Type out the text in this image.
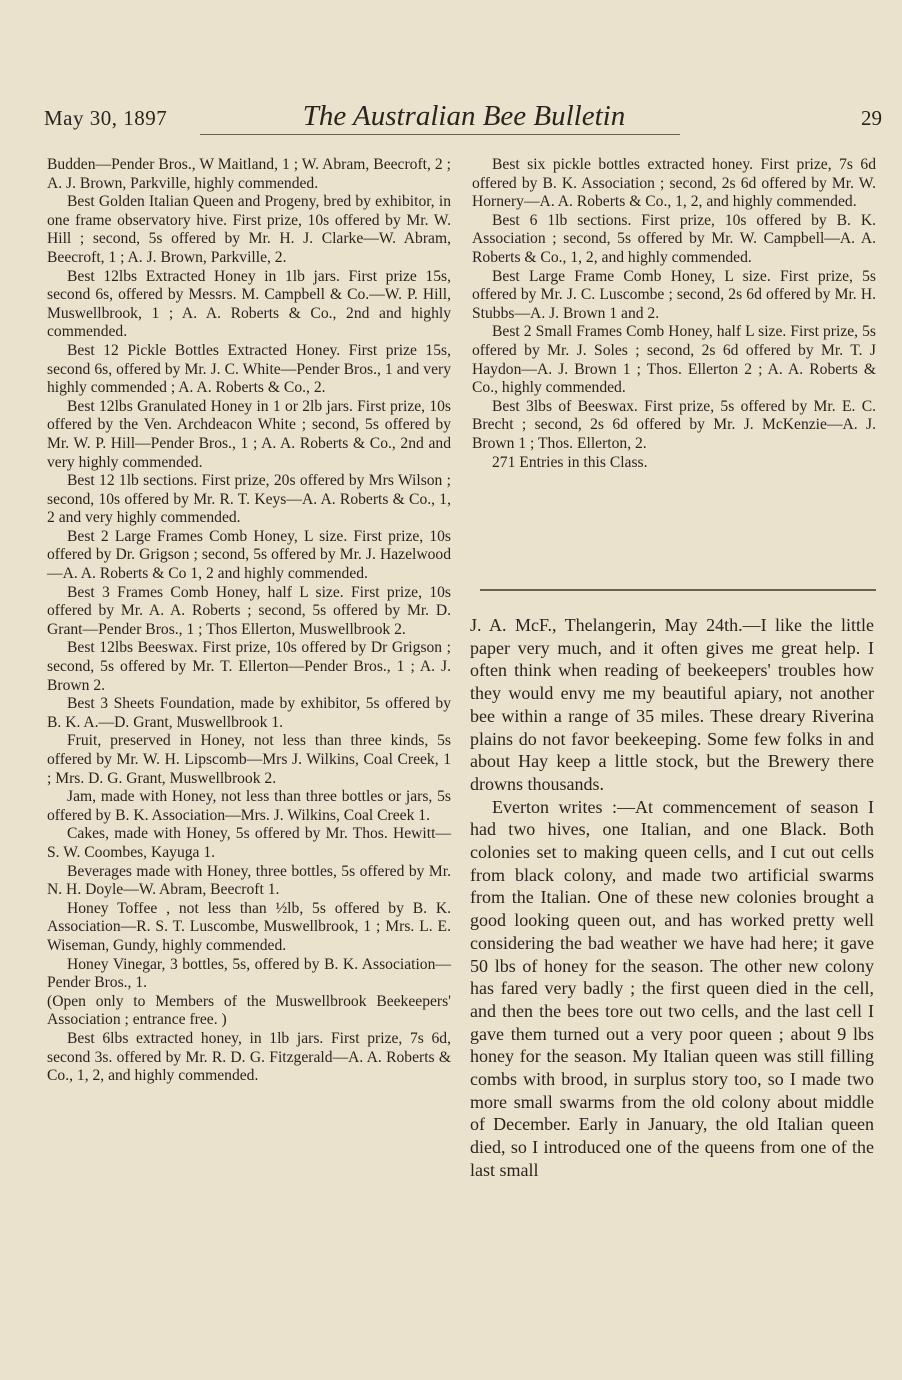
May 30, 1897	The Australian Bee Bulletin	29

Budden—Pender Bros., W Maitland, 1 ; W. Abram, Beecroft, 2 ; A. J. Brown, Parkville, highly commended.

Best Golden Italian Queen and Progeny, bred by exhibitor, in one frame observatory hive. First prize, 10s offered by Mr. W. Hill ; second, 5s offered by Mr. H. J. Clarke—W. Abram, Beecroft, 1 ; A. J. Brown, Parkville, 2.

Best 12lbs Extracted Honey in 1lb jars. First prize 15s, second 6s, offered by Messrs. M. Campbell & Co.—W. P. Hill, Muswellbrook, 1 ; A. A. Roberts & Co., 2nd and highly commended.

Best 12 Pickle Bottles Extracted Honey. First prize 15s, second 6s, offered by Mr. J. C. White—Pender Bros., 1 and very highly commended ; A. A. Roberts & Co., 2.

Best 12lbs Granulated Honey in 1 or 2lb jars. First prize, 10s offered by the Ven. Archdeacon White ; second, 5s offered by Mr. W. P. Hill—Pender Bros., 1 ; A. A. Roberts & Co., 2nd and very highly commended.

Best 12 1lb sections. First prize, 20s offered by Mrs Wilson ; second, 10s offered by Mr. R. T. Keys—A. A. Roberts & Co., 1, 2 and very highly commended.

Best 2 Large Frames Comb Honey, L size. First prize, 10s offered by Dr. Grigson ; second, 5s offered by Mr. J. Hazelwood—A. A. Roberts & Co 1, 2 and highly commended.

Best 3 Frames Comb Honey, half L size. First prize, 10s offered by Mr. A. A. Roberts ; second, 5s offered by Mr. D. Grant—Pender Bros., 1 ; Thos Ellerton, Muswellbrook 2.

Best 12lbs Beeswax. First prize, 10s offered by Dr Grigson ; second, 5s offered by Mr. T. Ellerton—Pender Bros., 1 ; A. J. Brown 2.

Best 3 Sheets Foundation, made by exhibitor, 5s offered by B. K. A.—D. Grant, Muswellbrook 1.

Fruit, preserved in Honey, not less than three kinds, 5s offered by Mr. W. H. Lipscomb—Mrs J. Wilkins, Coal Creek, 1 ; Mrs. D. G. Grant, Muswellbrook 2.

Jam, made with Honey, not less than three bottles or jars, 5s offered by B. K. Association—Mrs. J. Wilkins, Coal Creek 1.

Cakes, made with Honey, 5s offered by Mr. Thos. Hewitt—S. W. Coombes, Kayuga 1.

Beverages made with Honey, three bottles, 5s offered by Mr. N. H. Doyle—W. Abram, Beecroft 1.

Honey Toffee , not less than ½lb, 5s offered by B. K. Association—R. S. T. Luscombe, Muswellbrook, 1 ; Mrs. L. E. Wiseman, Gundy, highly commended.

Honey Vinegar, 3 bottles, 5s, offered by B. K. Association—Pender Bros., 1.

(Open only to Members of the Muswellbrook Beekeepers' Association ; entrance free. )

Best 6lbs extracted honey, in 1lb jars. First prize, 7s 6d, second 3s. offered by Mr. R. D. G. Fitzgerald—A. A. Roberts & Co., 1, 2, and highly commended.

Best six pickle bottles extracted honey. First prize, 7s 6d offered by B. K. Association ; second, 2s 6d offered by Mr. W. Hornery—A. A. Roberts & Co., 1, 2, and highly commended.

Best 6 1lb sections. First prize, 10s offered by B. K. Association ; second, 5s offered by Mr. W. Campbell—A. A. Roberts & Co., 1, 2, and highly commended.

Best Large Frame Comb Honey, L size. First prize, 5s offered by Mr. J. C. Luscombe ; second, 2s 6d offered by Mr. H. Stubbs—A. J. Brown 1 and 2.

Best 2 Small Frames Comb Honey, half L size. First prize, 5s offered by Mr. J. Soles ; second, 2s 6d offered by Mr. T. J Haydon—A. J. Brown 1 ; Thos. Ellerton 2 ; A. A. Roberts & Co., highly commended.

Best 3lbs of Beeswax. First prize, 5s offered by Mr. E. C. Brecht ; second, 2s 6d offered by Mr. J. McKenzie—A. J. Brown 1 ; Thos. Ellerton, 2.

271 Entries in this Class.

J. A. McF., Thelangerin, May 24th.—I like the little paper very much, and it often gives me great help. I often think when reading of beekeepers' troubles how they would envy me my beautiful apiary, not another bee within a range of 35 miles. These dreary Riverina plains do not favor beekeeping. Some few folks in and about Hay keep a little stock, but the Brewery there drowns thousands.

Everton writes :—At commencement of season I had two hives, one Italian, and one Black. Both colonies set to making queen cells, and I cut out cells from black colony, and made two artificial swarms from the Italian. One of these new colonies brought a good looking queen out, and has worked pretty well considering the bad weather we have had here; it gave 50 lbs of honey for the season. The other new colony has fared very badly ; the first queen died in the cell, and then the bees tore out two cells, and the last cell I gave them turned out a very poor queen ; about 9 lbs honey for the season. My Italian queen was still filling combs with brood, in surplus story too, so I made two more small swarms from the old colony about middle of December. Early in January, the old Italian queen died, so I introduced one of the queens from one of the last small
